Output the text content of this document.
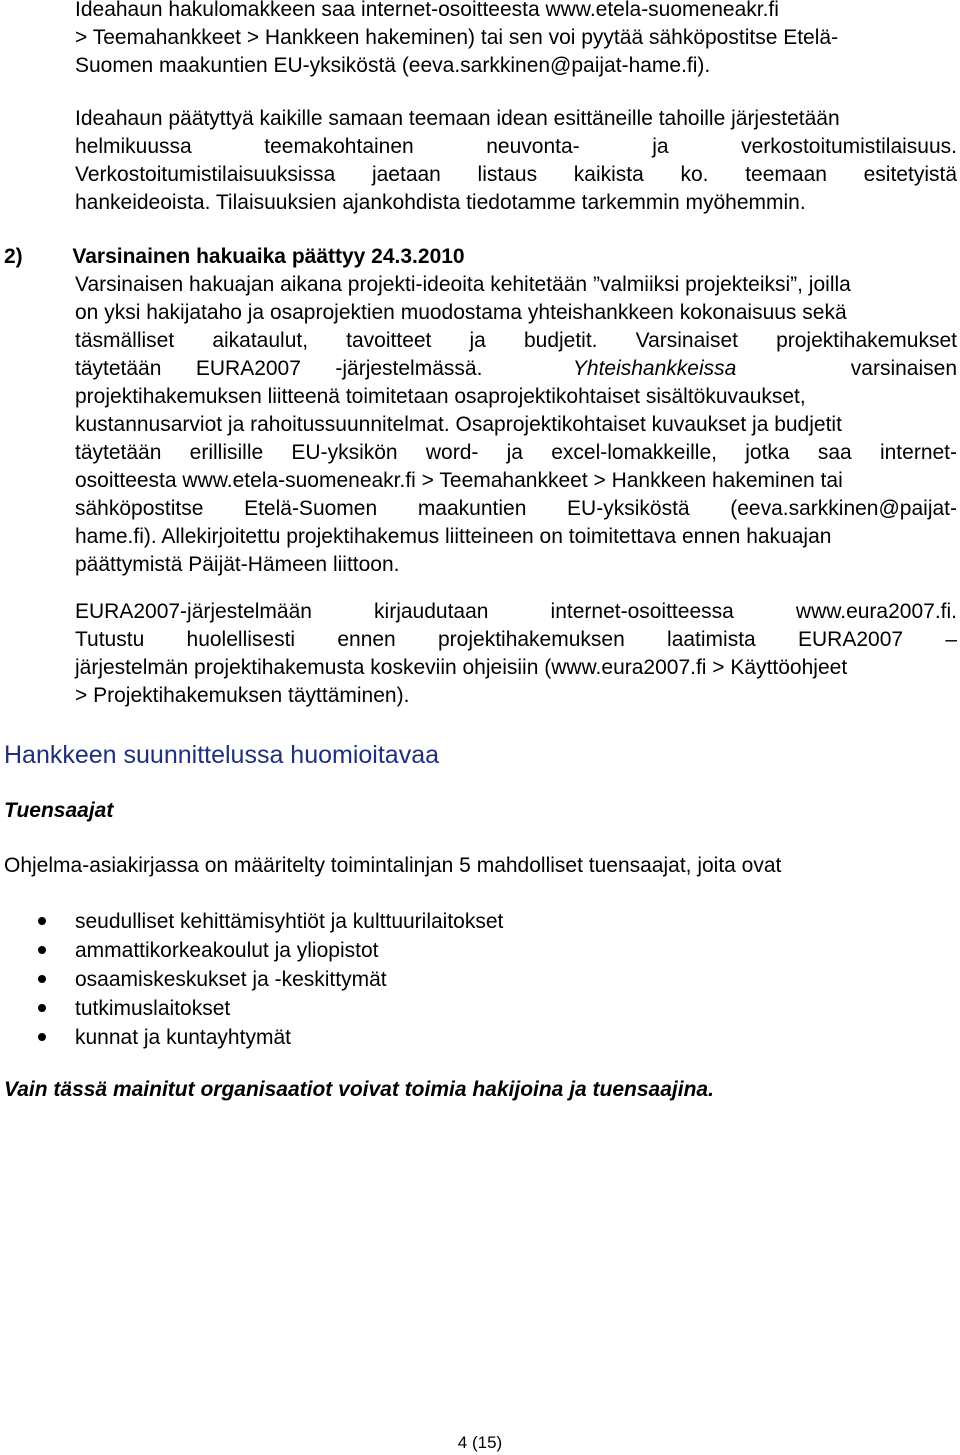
Ideahaun hakulomakkeen saa internet-osoitteesta www.etela-suomeneakr.fi

> Teemahankkeet > Hankkeen hakeminen) tai sen voi pyytää sähköpostitse Etelä-

Suomen maakuntien EU-yksiköstä (eeva.sarkkinen@paijat-hame.fi).

Ideahaun päätyttyä kaikille samaan teemaan idean esittäneille tahoille järjestetään

helmikuussa teemakohtainen neuvonta- ja verkostoitumistilaisuus.

Verkostoitumistilaisuuksissa jaetaan listaus kaikista ko. teemaan esitetyistä

hankeideoista. Tilaisuuksien ajankohdista tiedotamme tarkemmin myöhemmin.

2) Varsinainen hakuaika päättyy 24.3.2010

Varsinaisen hakuajan aikana projekti-ideoita kehitetään ”valmiiksi projekteiksi”, joilla

on yksi hakijataho ja osaprojektien muodostama yhteishankkeen kokonaisuus sekä

täsmälliset aikataulut, tavoitteet ja budjetit. Varsinaiset projektihakemukset

täytetään EURA2007 -järjestelmässä.	Yhteishankkeissa	varsinaisen

projektihakemuksen liitteenä toimitetaan osaprojektikohtaiset sisältökuvaukset,

kustannusarviot ja rahoitussuunnitelmat. Osaprojektikohtaiset kuvaukset ja budjetit

täytetään erillisille EU-yksikön word- ja excel-lomakkeille, jotka saa internet-

osoitteesta www.etela-suomeneakr.fi > Teemahankkeet > Hankkeen hakeminen tai

sähköpostitse Etelä-Suomen maakuntien EU-yksiköstä (eeva.sarkkinen@paijat-

hame.fi). Allekirjoitettu projektihakemus liitteineen on toimitettava ennen hakuajan

päättymistä Päijät-Hämeen liittoon.

EURA2007-järjestelmään kirjaudutaan internet-osoitteessa www.eura2007.fi.

Tutustu huolellisesti ennen projektihakemuksen laatimista EURA2007 –

järjestelmän projektihakemusta koskeviin ohjeisiin (www.eura2007.fi > Käyttöohjeet

> Projektihakemuksen täyttäminen).

Hankkeen suunnittelussa huomioitavaa
Tuensaajat

Ohjelma-asiakirjassa on määritelty toimintalinjan 5 mahdolliset tuensaajat, joita ovat

seudulliset kehittämisyhtiöt ja kulttuurilaitokset
ammattikorkeakoulut ja yliopistot
osaamiskeskukset ja -keskittymät
tutkimuslaitokset
kunnat ja kuntayhtymät
Vain tässä mainitut organisaatiot voivat toimia hakijoina ja tuensaajina.
4 (15)
